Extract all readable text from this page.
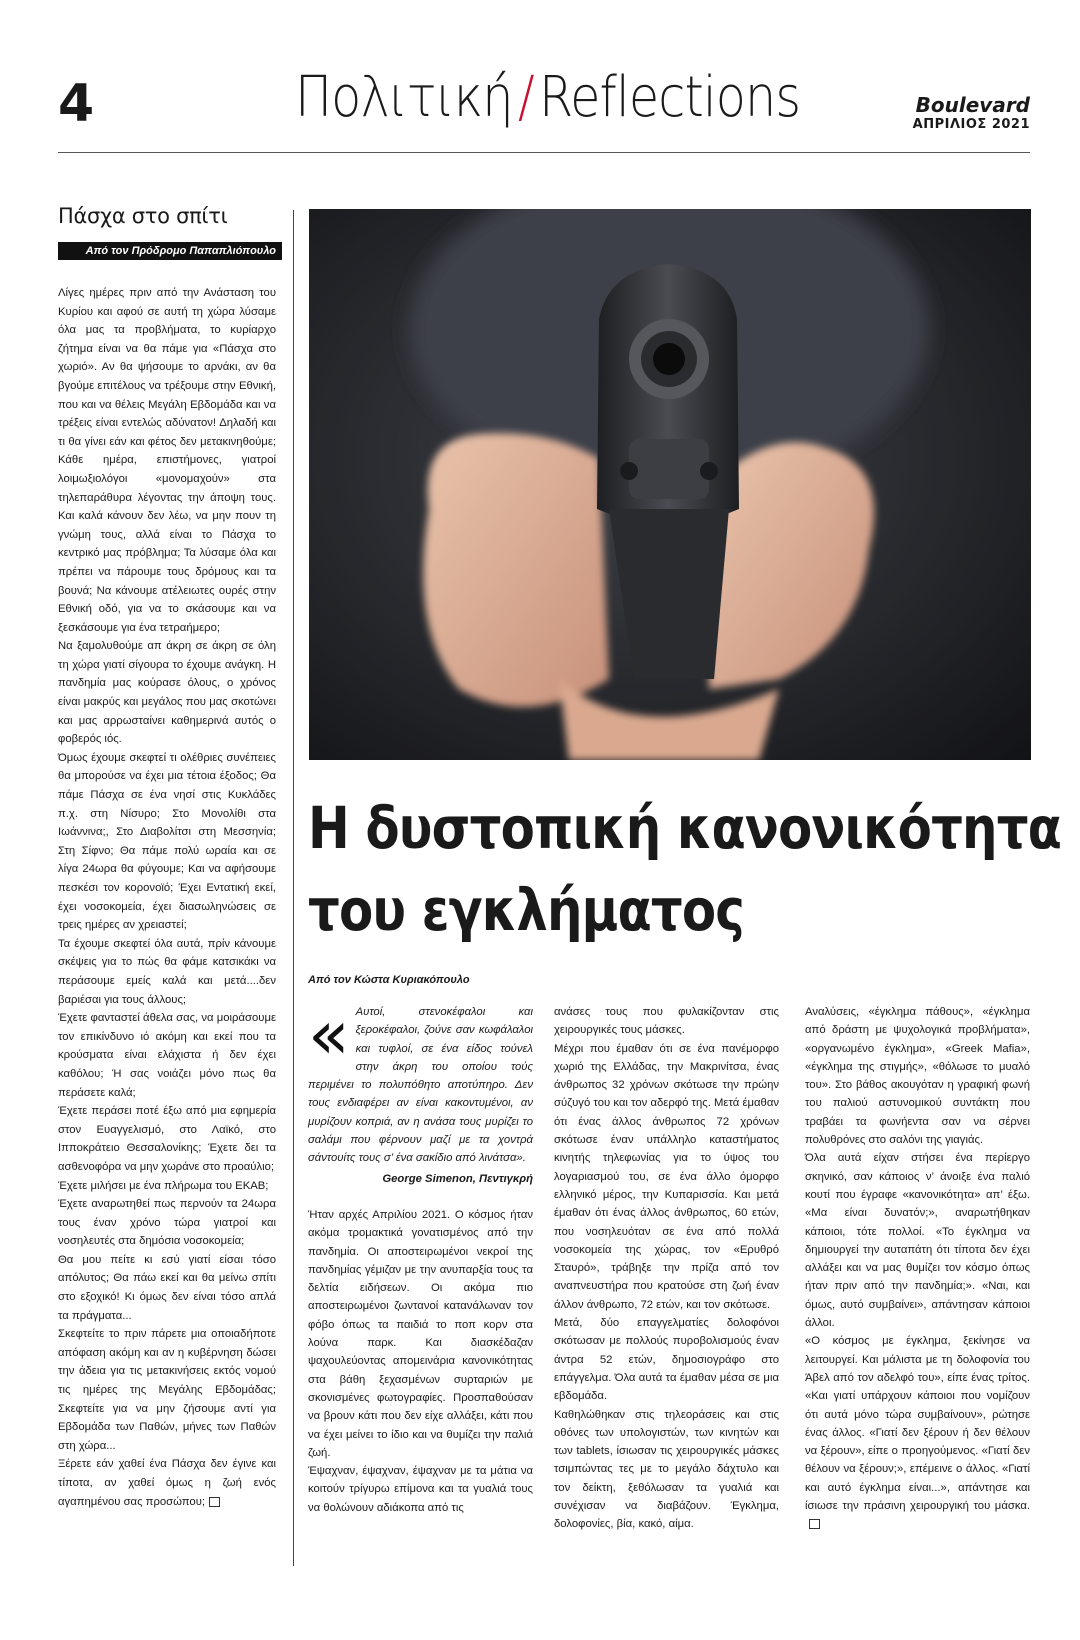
4	Πολιτική/Reflections	Boulevard
ΑΠΡΙΛΙΟΣ 2021
Πάσχα στο σπίτι
Από τον Πρόδρομο Παπαπλιόπουλο

Λίγες ημέρες πριν από την Ανάσταση του Κυρίου και αφού σε αυτή τη χώρα λύσαμε όλα μας τα προβλήματα, το κυρίαρχο ζήτημα είναι να θα πάμε για «Πάσχα στο χωριό». Αν θα ψήσουμε το αρνάκι, αν θα βγούμε επιτέλους να τρέξουμε στην Εθνική, που και να θέλεις Μεγάλη Εβδομάδα και να τρέξεις είναι εντελώς αδύνατον! Δηλαδή και τι θα γίνει εάν και φέτος δεν μετακινηθούμε; Κάθε ημέρα, επιστήμονες, γιατροί λοιμωξιολόγοι «μονομαχούν» στα τηλεπαράθυρα λέγοντας την άποψη τους. Και καλά κάνουν δεν λέω, να μην πουν τη γνώμη τους, αλλά είναι το Πάσχα το κεντρικό μας πρόβλημα; Τα λύσαμε όλα και πρέπει να πάρουμε τους δρόμους και τα βουνά; Να κάνουμε ατέλειωτες ουρές στην Εθνική οδό, για να το σκάσουμε και να ξεσκάσουμε για ένα τετραήμερο;

Να ξαμολυθούμε απ άκρη σε άκρη σε όλη τη χώρα γιατί σίγουρα το έχουμε ανάγκη. Η πανδημία μας κούρασε όλους, ο χρόνος είναι μακρύς και μεγάλος που μας σκοτώνει και μας αρρωσταίνει καθημερινά αυτός ο φοβερός ιός.

Όμως έχουμε σκεφτεί τι ολέθριες συνέπειες θα μπορούσε να έχει μια τέτοια έξοδος; Θα πάμε Πάσχα σε ένα νησί στις Κυκλάδες π.χ. στη Νίσυρο; Στο Μονολίθι στα Ιωάννινα;, Στο Διαβολίτσι στη Μεσσηνία; Στη Σίφνο; Θα πάμε πολύ ωραία και σε λίγα 24ωρα θα φύγουμε; Και να αφήσουμε πεσκέσι τον κορονοϊό; Έχει Εντατική εκεί, έχει νοσοκομεία, έχει διασωληνώσεις σε τρεις ημέρες αν χρειαστεί;

Τα έχουμε σκεφτεί όλα αυτά, πρίν κάνουμε σκέψεις για το πώς θα φάμε κατσικάκι να περάσουμε εμείς καλά και μετά....δεν βαριέσαι για τους άλλους;

Έχετε φανταστεί άθελα σας, να μοιράσουμε τον επικίνδυνο ιό ακόμη και εκεί που τα κρούσματα είναι ελάχιστα ή δεν έχει καθόλου; Ή σας νοιάζει μόνο πως θα περάσετε καλά;

Έχετε περάσει ποτέ έξω από μια εφημερία στον Ευαγγελισμό, στο Λαϊκό, στο Ιπποκράτειο Θεσσαλονίκης; Έχετε δει τα ασθενοφόρα να μην χωράνε στο προαύλιο;

Έχετε μιλήσει με ένα πλήρωμα του ΕΚΑΒ;

Έχετε αναρωτηθεί πως περνούν τα 24ωρα τους έναν χρόνο τώρα γιατροί και νοσηλευτές στα δημόσια νοσοκομεία;

Θα μου πείτε κι εσύ γιατί είσαι τόσο απόλυτος; Θα πάω εκεί και θα μείνω σπίτι στο εξοχικό! Κι όμως δεν είναι τόσο απλά τα πράγματα...

Σκεφτείτε το πριν πάρετε μια οποιαδήποτε απόφαση ακόμη και αν η κυβέρνηση δώσει την άδεια για τις μετακινήσεις εκτός νομού τις ημέρες της Μεγάλης Εβδομάδας; Σκεφτείτε για να μην ζήσουμε αντί για Εβδομάδα των Παθών, μήνες των Παθών στη χώρα...

Ξέρετε εάν χαθεί ένα Πάσχα δεν έγινε και τίποτα, αν χαθεί όμως η ζωή ενός αγαπημένου σας προσώπου;

Η δυστοπική κανονικότητα
του εγκλήματος
Από τον Κώστα Κυριακόπουλο
« Αυτοί, στενοκέφαλοι και ξεροκέφαλοι, ζούνε σαν κωφάλαλοι και τυφλοί, σε ένα είδος τούνελ στην άκρη του οποίου τούς περιμένει το πολυπόθητο αποτύπηρο. Δεν τους ενδιαφέρει αν είναι κακοντυμένοι, αν μυρίζουν κοπριά, αν η ανάσα τους μυρίζει το σαλάμι που φέρνουν μαζί με τα χοντρά σάντουίτς τους σ’ ένα σακίδιο από λινάτσα».
George Simenon, Πεντιγκρή

Ήταν αρχές Απριλίου 2021. Ο κόσμος ήταν ακόμα τρομακτικά γονατισμένος από την πανδημία. Οι αποστειρωμένοι νεκροί της πανδημίας γέμιζαν με την ανυπαρξία τους τα δελτία ειδήσεων. Οι ακόμα πιο αποστειρωμένοι ζωντανοί κατανάλωναν τον φόβο όπως τα παιδιά το ποπ κορν στα λούνα παρκ. Και διασκέδαζαν ψαχουλεύοντας απομεινάρια κανονικότητας στα βάθη ξεχασμένων συρταριών με σκονισμένες φωτογραφίες. Προσπαθούσαν να βρουν κάτι που δεν είχε αλλάξει, κάτι που να έχει μείνει το ίδιο και να θυμίζει την παλιά ζωή.

Έψαχναν, έψαχναν, έψαχναν με τα μάτια να κοιτούν τρίγυρω επίμονα και τα γυαλιά τους να θολώνουν αδιάκοπα από τις

ανάσες τους που φυλακίζονταν στις χειρουργικές τους μάσκες.

Μέχρι που έμαθαν ότι σε ένα πανέμορφο χωριό της Ελλάδας, την Μακρινίτσα, ένας άνθρωπος 32 χρόνων σκότωσε την πρώην σύζυγό του και τον αδερφό της. Μετά έμαθαν ότι ένας άλλος άνθρωπος 72 χρόνων σκότωσε έναν υπάλληλο καταστήματος κινητής τηλεφωνίας για το ύψος του λογαριασμού του, σε ένα άλλο όμορφο ελληνικό μέρος, την Κυπαρισσία. Και μετά έμαθαν ότι ένας άλλος άνθρωπος, 60 ετών, που νοσηλευόταν σε ένα από πολλά νοσοκομεία της χώρας, τον «Ερυθρό Σταυρό», τράβηξε την πρίζα από τον αναπνευστήρα που κρατούσε στη ζωή έναν άλλον άνθρωπο, 72 ετών, και τον σκότωσε.

Μετά, δύο επαγγελματίες δολοφόνοι σκότωσαν με πολλούς πυροβολισμούς έναν άντρα 52 ετών, δημοσιογράφο στο επάγγελμα. Όλα αυτά τα έμαθαν μέσα σε μια εβδομάδα.

Καθηλώθηκαν στις τηλεοράσεις και στις οθόνες των υπολογιστών, των κινητών και των tablets, ίσιωσαν τις χειρουργικές μάσκες τσιμπώντας τες με το μεγάλο δάχτυλο και τον δείκτη, ξεθόλωσαν τα γυαλιά και συνέχισαν να διαβάζουν. Έγκλημα, δολοφονίες, βία, κακό, αίμα.

Αναλύσεις, «έγκλημα πάθους», «έγκλημα από δράστη με ψυχολογικά προβλήματα», «οργανωμένο έγκλημα», «Greek Mafia», «έγκλημα της στιγμής», «θόλωσε το μυαλό του». Στο βάθος ακουγόταν η γραφική φωνή του παλιού αστυνομικού συντάκτη που τραβάει τα φωνήεντα σαν να σέρνει πολυθρόνες στο σαλόνι της γιαγιάς.

Όλα αυτά είχαν στήσει ένα περίεργο σκηνικό, σαν κάποιος ν’ άνοιξε ένα παλιό κουτί που έγραφε «κανονικότητα» απ’ έξω. «Μα είναι δυνατόν;», αναρωτήθηκαν κάποιοι, τότε πολλοί. «Το έγκλημα να δημιουργεί την αυταπάτη ότι τίποτα δεν έχει αλλάξει και να μας θυμίζει τον κόσμο όπως ήταν πριν από την πανδημία;». «Ναι, και όμως, αυτό συμβαίνει», απάντησαν κάποιοι άλλοι.

«Ο κόσμος με έγκλημα, ξεκίνησε να λειτουργεί. Και μάλιστα με τη δολοφονία του Άβελ από τον αδελφό του», είπε ένας τρίτος. «Και γιατί υπάρχουν κάποιοι που νομίζουν ότι αυτά μόνο τώρα συμβαίνουν», ρώτησε ένας άλλος. «Γιατί δεν ξέρουν ή δεν θέλουν να ξέρουν», είπε ο προηγούμενος. «Γιατί δεν θέλουν να ξέρουν;», επέμεινε ο άλλος. «Γιατί και αυτό έγκλημα είναι...», απάντησε και ίσιωσε την πράσινη χειρουργική του μάσκα.
